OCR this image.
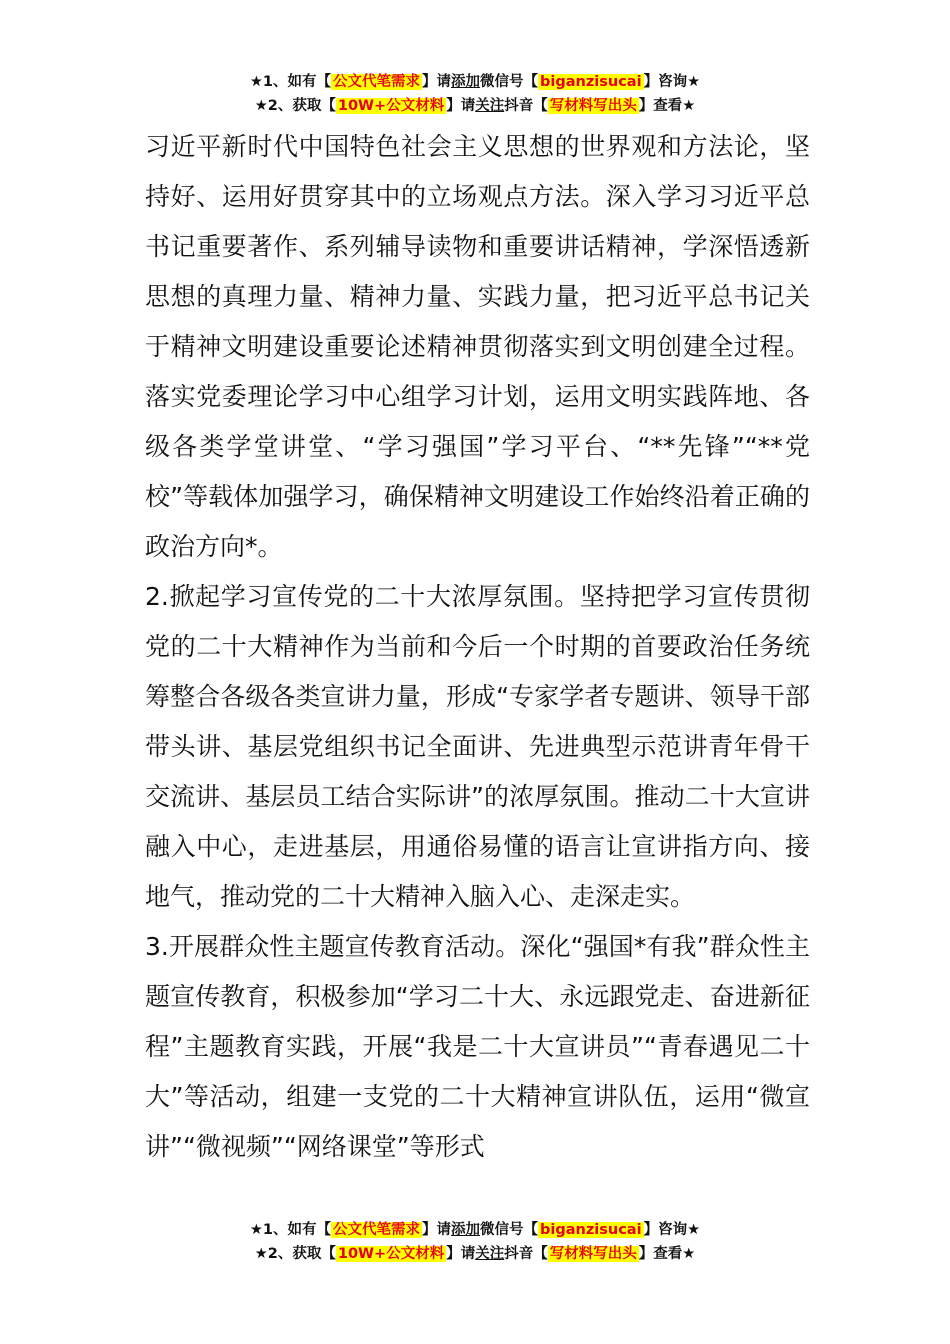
★1、如有【 公文代笔需求 】请添加微信号【 biganzisucai 】咨询★
★2、获取【 10W+公文材料 】请关注抖音【 写材料写出头 】查看★

习近平新时代中国特色社会主义思想的世界观和方法论，坚持好、运用好贯穿其中的立场观点方法。深入学习习近平总书记重要著作、系列辅导读物和重要讲话精神，学深悟透新思想的真理力量、精神力量、实践力量，把习近平总书记关于精神文明建设重要论述精神贯彻落实到文明创建全过程。落实党委理论学习中心组学习计划，运用文明实践阵地、各级各类学堂讲堂、“学习强国”学习平台、“**先锋”“**党校”等载体加强学习，确保精神文明建设工作始终沿着正确的政治方向*。

2.掀起学习宣传党的二十大浓厚氛围。坚持把学习宣传贯彻党的二十大精神作为当前和今后一个时期的首要政治任务统筹整合各级各类宣讲力量，形成“专家学者专题讲、领导干部带头讲、基层党组织书记全面讲、先进典型示范讲青年骨干交流讲、基层员工结合实际讲”的浓厚氛围。推动二十大宣讲融入中心，走进基层，用通俗易懂的语言让宣讲指方向、接地气，推动党的二十大精神入脑入心、走深走实。

3.开展群众性主题宣传教育活动。深化“强国*有我”群众性主题宣传教育，积极参加“学习二十大、永远跟党走、奋进新征程”主题教育实践，开展“我是二十大宣讲员”“青春遇见二十大”等活动，组建一支党的二十大精神宣讲队伍，运用“微宣讲”“微视频”“网络课堂”等形式

★1、如有【 公文代笔需求 】请添加微信号【 biganzisucai 】咨询★
★2、获取【 10W+公文材料 】请关注抖音【 写材料写出头 】查看★
